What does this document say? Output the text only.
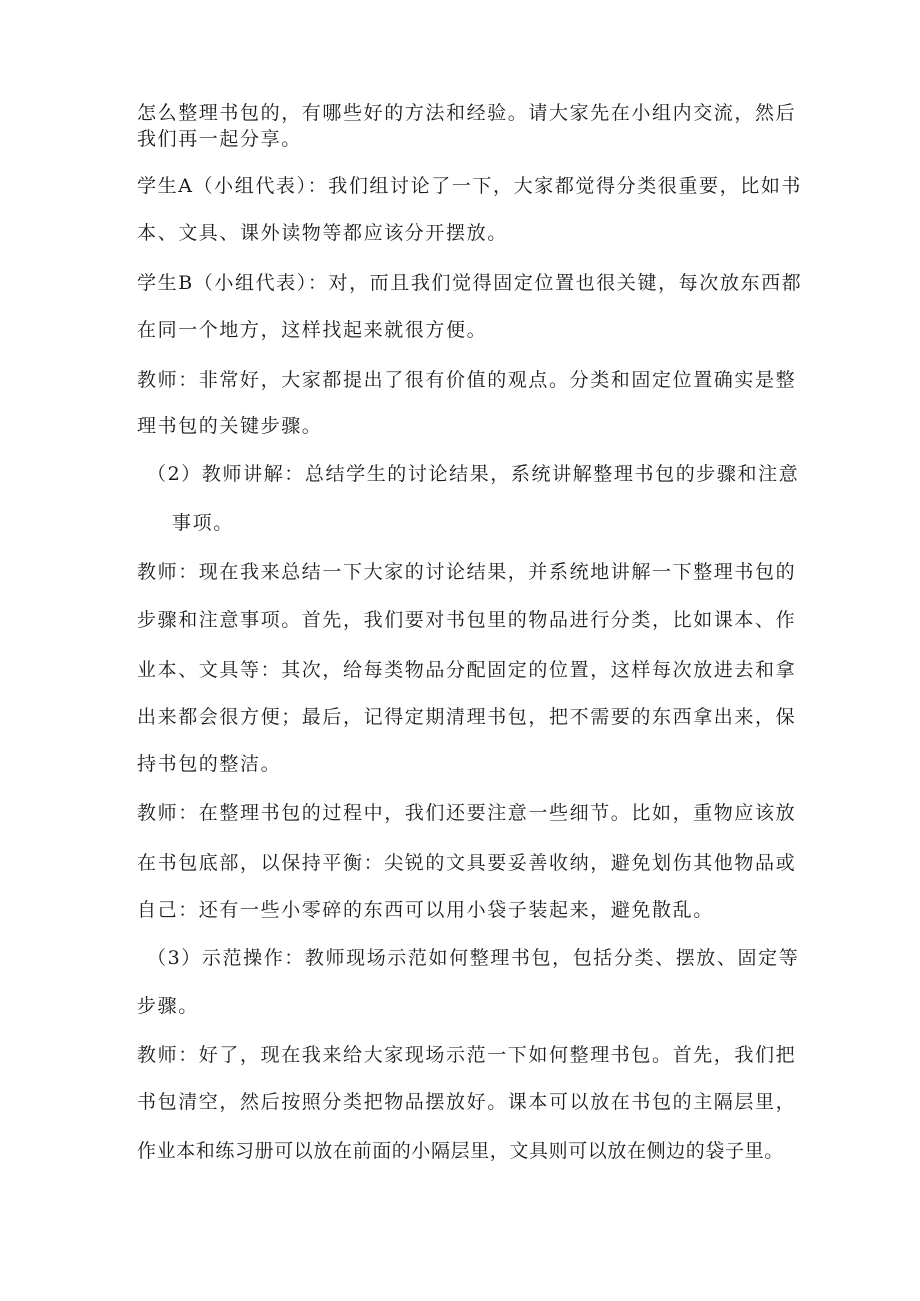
怎么整理书包的，有哪些好的方法和经验。请大家先在小组内交流，然后
我们再一起分享。
学生A（小组代表）：我们组讨论了一下，大家都觉得分类很重要，比如书
本、文具、课外读物等都应该分开摆放。
学生B（小组代表）：对，而且我们觉得固定位置也很关键，每次放东西都
在同一个地方，这样找起来就很方便。
教师：非常好，大家都提出了很有价值的观点。分类和固定位置确实是整
理书包的关键步骤。
（2）教师讲解：总结学生的讨论结果，系统讲解整理书包的步骤和注意
事项。
教师：现在我来总结一下大家的讨论结果，并系统地讲解一下整理书包的
步骤和注意事项。首先，我们要对书包里的物品进行分类，比如课本、作
业本、文具等：其次，给每类物品分配固定的位置，这样每次放进去和拿
出来都会很方便；最后，记得定期清理书包，把不需要的东西拿出来，保
持书包的整洁。
教师：在整理书包的过程中，我们还要注意一些细节。比如，重物应该放
在书包底部，以保持平衡：尖锐的文具要妥善收纳，避免划伤其他物品或
自己：还有一些小零碎的东西可以用小袋子装起来，避免散乱。
（3）示范操作：教师现场示范如何整理书包，包括分类、摆放、固定等
步骤。
教师：好了，现在我来给大家现场示范一下如何整理书包。首先，我们把
书包清空，然后按照分类把物品摆放好。课本可以放在书包的主隔层里，
作业本和练习册可以放在前面的小隔层里，文具则可以放在侧边的袋子里。
